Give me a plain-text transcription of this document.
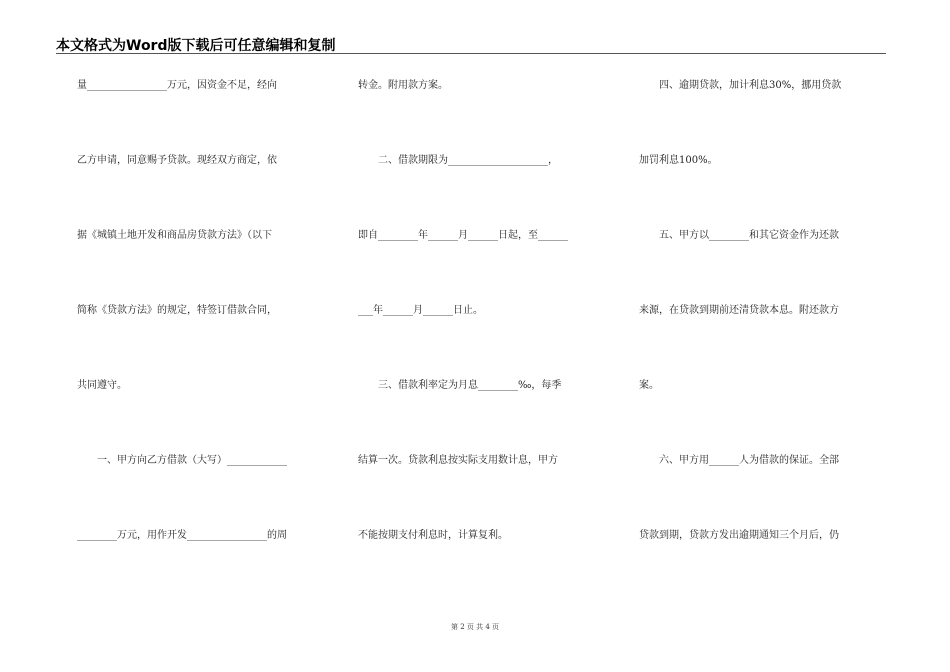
本文格式为Word版下载后可任意编辑和复制
量________________万元，因资金不足，经向
乙方申请，同意赐予贷款。现经双方商定，依
据《城镇土地开发和商品房贷款方法》（以下
简称《贷款方法》的规定，特签订借款合同，
共同遵守。
　　一、甲方向乙方借款（大写）____________
________万元，用作开发________________的周
转金。附用款方案。
　　二、借款期限为____________________，
即自________年______月______日起，至______
___年______月______日止。
　　三、借款利率定为月息________‰，每季
结算一次。贷款利息按实际支用数计息，甲方
不能按期支付利息时，计算复利。
　　四、逾期贷款，加计利息30%，挪用贷款
加罚利息100%。
　　五、甲方以________和其它资金作为还款
来源，在贷款到期前还清贷款本息。附还款方
案。
　　六、甲方用______人为借款的保证。全部
贷款到期，贷款方发出逾期通知三个月后，仍
第 2 页 共 4 页
